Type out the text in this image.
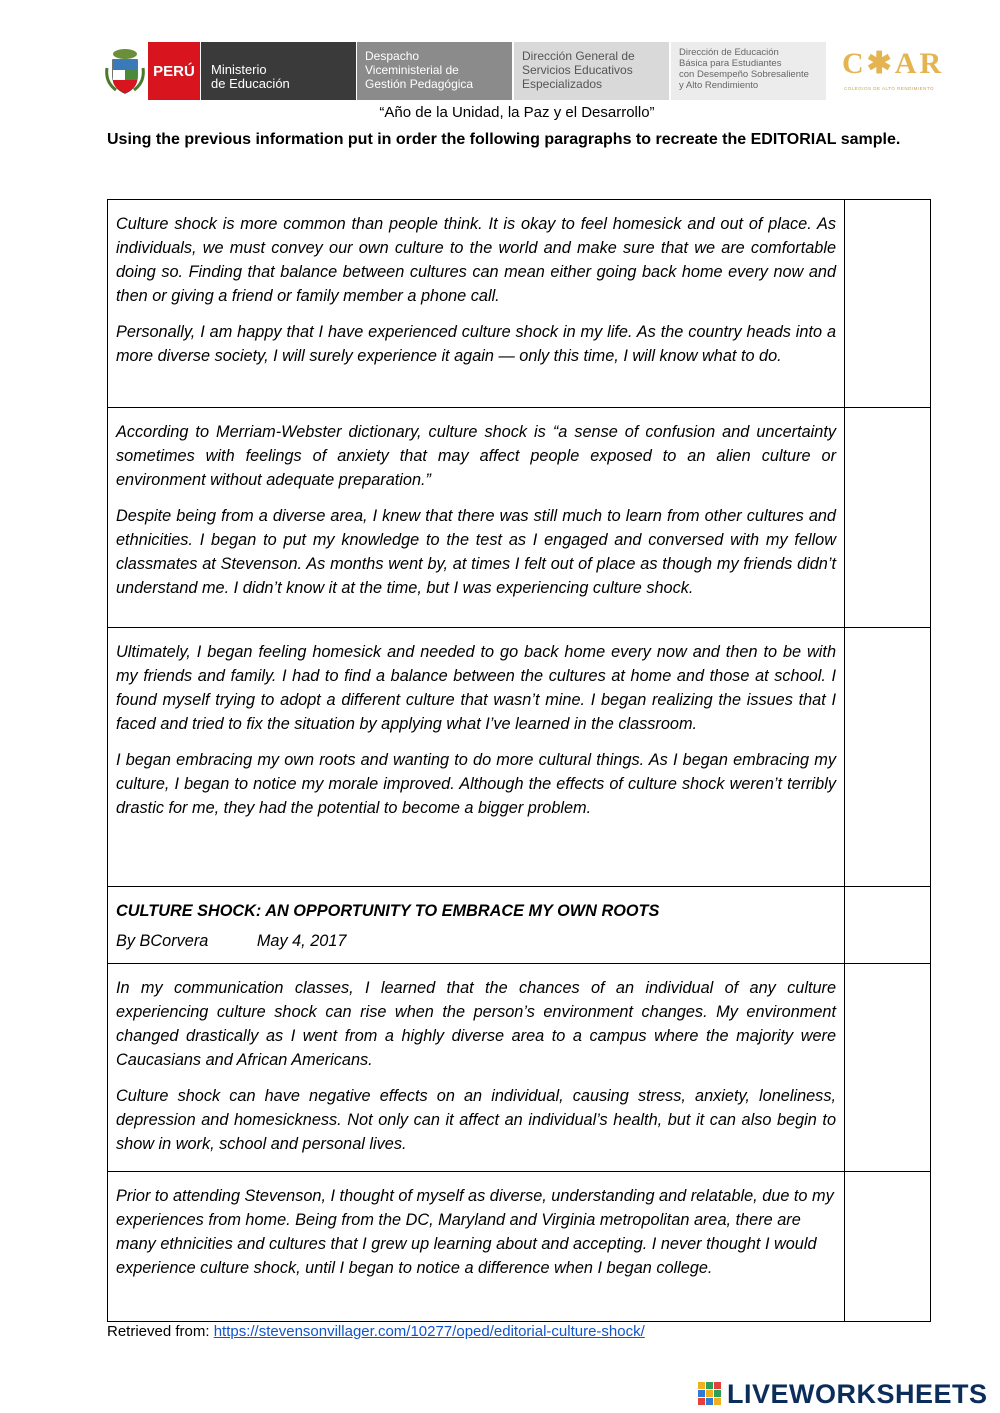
PERÚ	Ministerio
de Educación
Despacho
Viceministerial de
Gestión Pedagógica
Dirección General de
Servicios Educativos
Especializados
Dirección de Educación
Básica para Estudiantes
con Desempeño Sobresaliente
y Alto Rendimiento
C✱AR
COLEGIOS DE ALTO RENDIMIENTO
“Año de la Unidad, la Paz y el Desarrollo”
Using the previous information put in order the following paragraphs to recreate the EDITORIAL sample.

Culture shock is more common than people think. It is okay to feel homesick and out of place. As individuals, we must convey our own culture to the world and make sure that we are comfortable doing so. Finding that balance between cultures can mean either going back home every now and then or giving a friend or family member a phone call.

Personally, I am happy that I have experienced culture shock in my life. As the country heads into a more diverse society, I will surely experience it again — only this time, I will know what to do.	

According to Merriam-Webster dictionary, culture shock is “a sense of confusion and uncertainty sometimes with feelings of anxiety that may affect people exposed to an alien culture or environment without adequate preparation.”

Despite being from a diverse area, I knew that there was still much to learn from other cultures and ethnicities. I began to put my knowledge to the test as I engaged and conversed with my fellow classmates at Stevenson. As months went by, at times I felt out of place as though my friends didn’t understand me. I didn’t know it at the time, but I was experiencing culture shock.	

Ultimately, I began feeling homesick and needed to go back home every now and then to be with my friends and family. I had to find a balance between the cultures at home and those at school. I found myself trying to adopt a different culture that wasn’t mine. I began realizing the issues that I faced and tried to fix the situation by applying what I’ve learned in the classroom.

I began embracing my own roots and wanting to do more cultural things. As I began embracing my culture, I began to notice my morale improved. Although the effects of culture shock weren’t terribly drastic for me, they had the potential to become a bigger problem.	

CULTURE SHOCK: AN OPPORTUNITY TO EMBRACE MY OWN ROOTS
By BCorvera May 4, 2017	

In my communication classes, I learned that the chances of an individual of any culture experiencing culture shock can rise when the person’s environment changes. My environment changed drastically as I went from a highly diverse area to a campus where the majority were Caucasians and African Americans.

Culture shock can have negative effects on an individual, causing stress, anxiety, loneliness, depression and homesickness. Not only can it affect an individual’s health, but it can also begin to show in work, school and personal lives.	

Prior to attending Stevenson, I thought of myself as diverse, understanding and relatable, due to my experiences from home. Being from the DC, Maryland and Virginia metropolitan area, there are many ethnicities and cultures that I grew up learning about and accepting. I never thought I would experience culture shock, until I began to notice a difference when I began college.	

Retrieved from: https://stevensonvillager.com/10277/oped/editorial-culture-shock/
LIVEWORKSHEETS
